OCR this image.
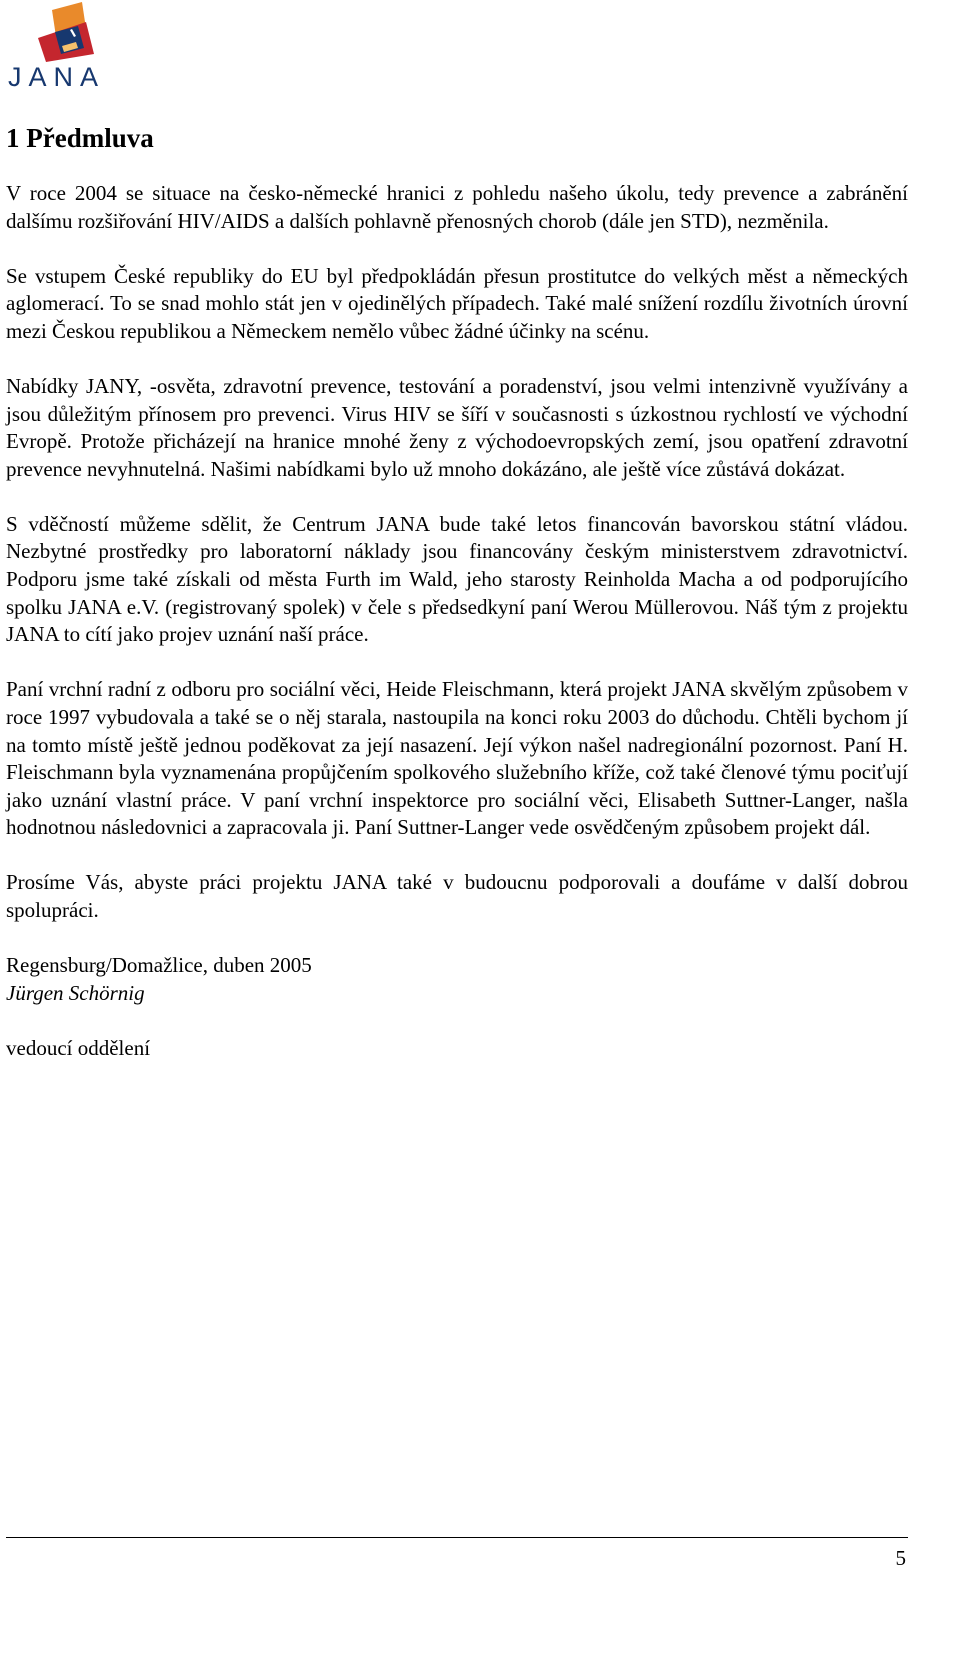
JANA
1 Předmluva

V roce 2004 se situace na česko-německé hranici z pohledu našeho úkolu, tedy prevence a zabránění dalšímu rozšiřování HIV/AIDS a dalších pohlavně přenosných chorob (dále jen STD), nezměnila.

Se vstupem České republiky do EU byl předpokládán přesun prostitutce do velkých měst a německých aglomerací. To se snad mohlo stát jen v ojedinělých případech. Také malé snížení rozdílu životních úrovní mezi Českou republikou a Německem nemělo vůbec žádné účinky na scénu.

Nabídky JANY, -osvěta, zdravotní prevence, testování a poradenství, jsou velmi intenzivně využívány a jsou důležitým přínosem pro prevenci. Virus HIV se šíří v současnosti s úzkostnou rychlostí ve východní Evropě. Protože přicházejí na hranice mnohé ženy z východoevropských zemí, jsou opatření zdravotní prevence nevyhnutelná. Našimi nabídkami bylo už mnoho dokázáno, ale ještě více zůstává dokázat.

S vděčností můžeme sdělit, že Centrum JANA bude také letos financován bavorskou státní vládou. Nezbytné prostředky pro laboratorní náklady jsou financovány českým ministerstvem zdravotnictví. Podporu jsme také získali od města Furth im Wald, jeho starosty Reinholda Macha a od podporujícího spolku JANA e.V. (registrovaný spolek) v čele s předsedkyní paní Werou Müllerovou. Náš tým z projektu JANA to cítí jako projev uznání naší práce.

Paní vrchní radní z odboru pro sociální věci, Heide Fleischmann, která projekt JANA skvělým způsobem v roce 1997 vybudovala a také se o něj starala, nastoupila na konci roku 2003 do důchodu. Chtěli bychom jí na tomto místě ještě jednou poděkovat za její nasazení. Její výkon našel nadregionální pozornost. Paní H. Fleischmann byla vyznamenána propůjčením spolkového služebního kříže, což také členové týmu pociťují jako uznání vlastní práce. V paní vrchní inspektorce pro sociální věci, Elisabeth Suttner-Langer, našla hodnotnou následovnici a zapracovala ji. Paní Suttner-Langer vede osvědčeným způsobem projekt dál.

Prosíme Vás, abyste práci projektu JANA také v budoucnu podporovali a doufáme v další dobrou spolupráci.

Regensburg/Domažlice, duben 2005
Jürgen Schörnig
vedoucí oddělení
5
